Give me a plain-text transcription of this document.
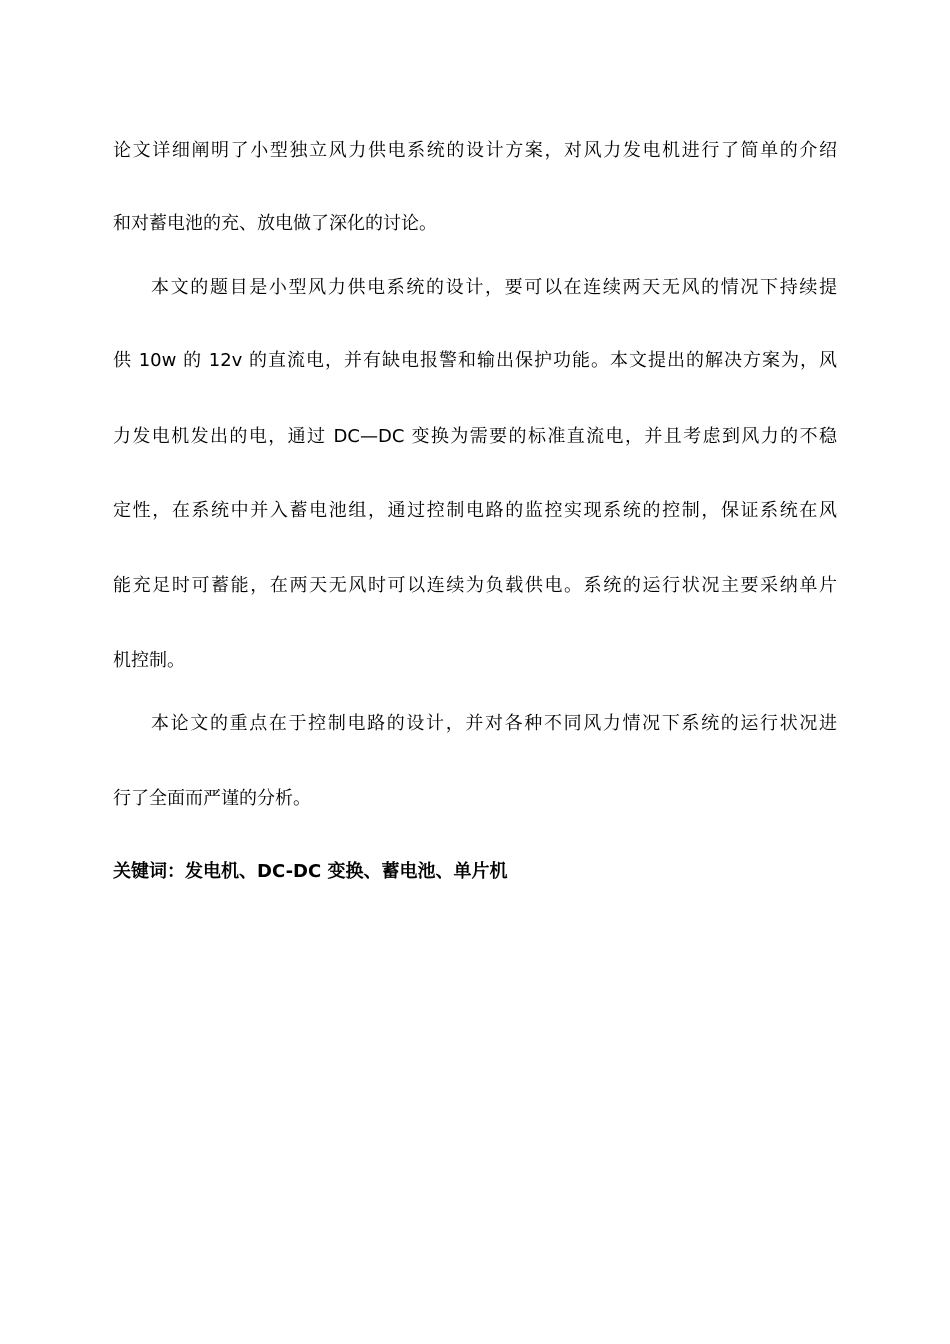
论文详细阐明了小型独立风力供电系统的设计方案，对风力发电机进行了简单的介绍
和对蓄电池的充、放电做了深化的讨论。
本文的题目是小型风力供电系统的设计，要可以在连续两天无风的情况下持续提
供 10w 的 12v 的直流电，并有缺电报警和输出保护功能。本文提出的解决方案为，风
力发电机发出的电，通过 DC—DC 变换为需要的标准直流电，并且考虑到风力的不稳
定性，在系统中并入蓄电池组，通过控制电路的监控实现系统的控制，保证系统在风
能充足时可蓄能，在两天无风时可以连续为负载供电。系统的运行状况主要采纳单片
机控制。
本论文的重点在于控制电路的设计，并对各种不同风力情况下系统的运行状况进
行了全面而严谨的分析。
关键词：发电机、DC-DC 变换、蓄电池、单片机
